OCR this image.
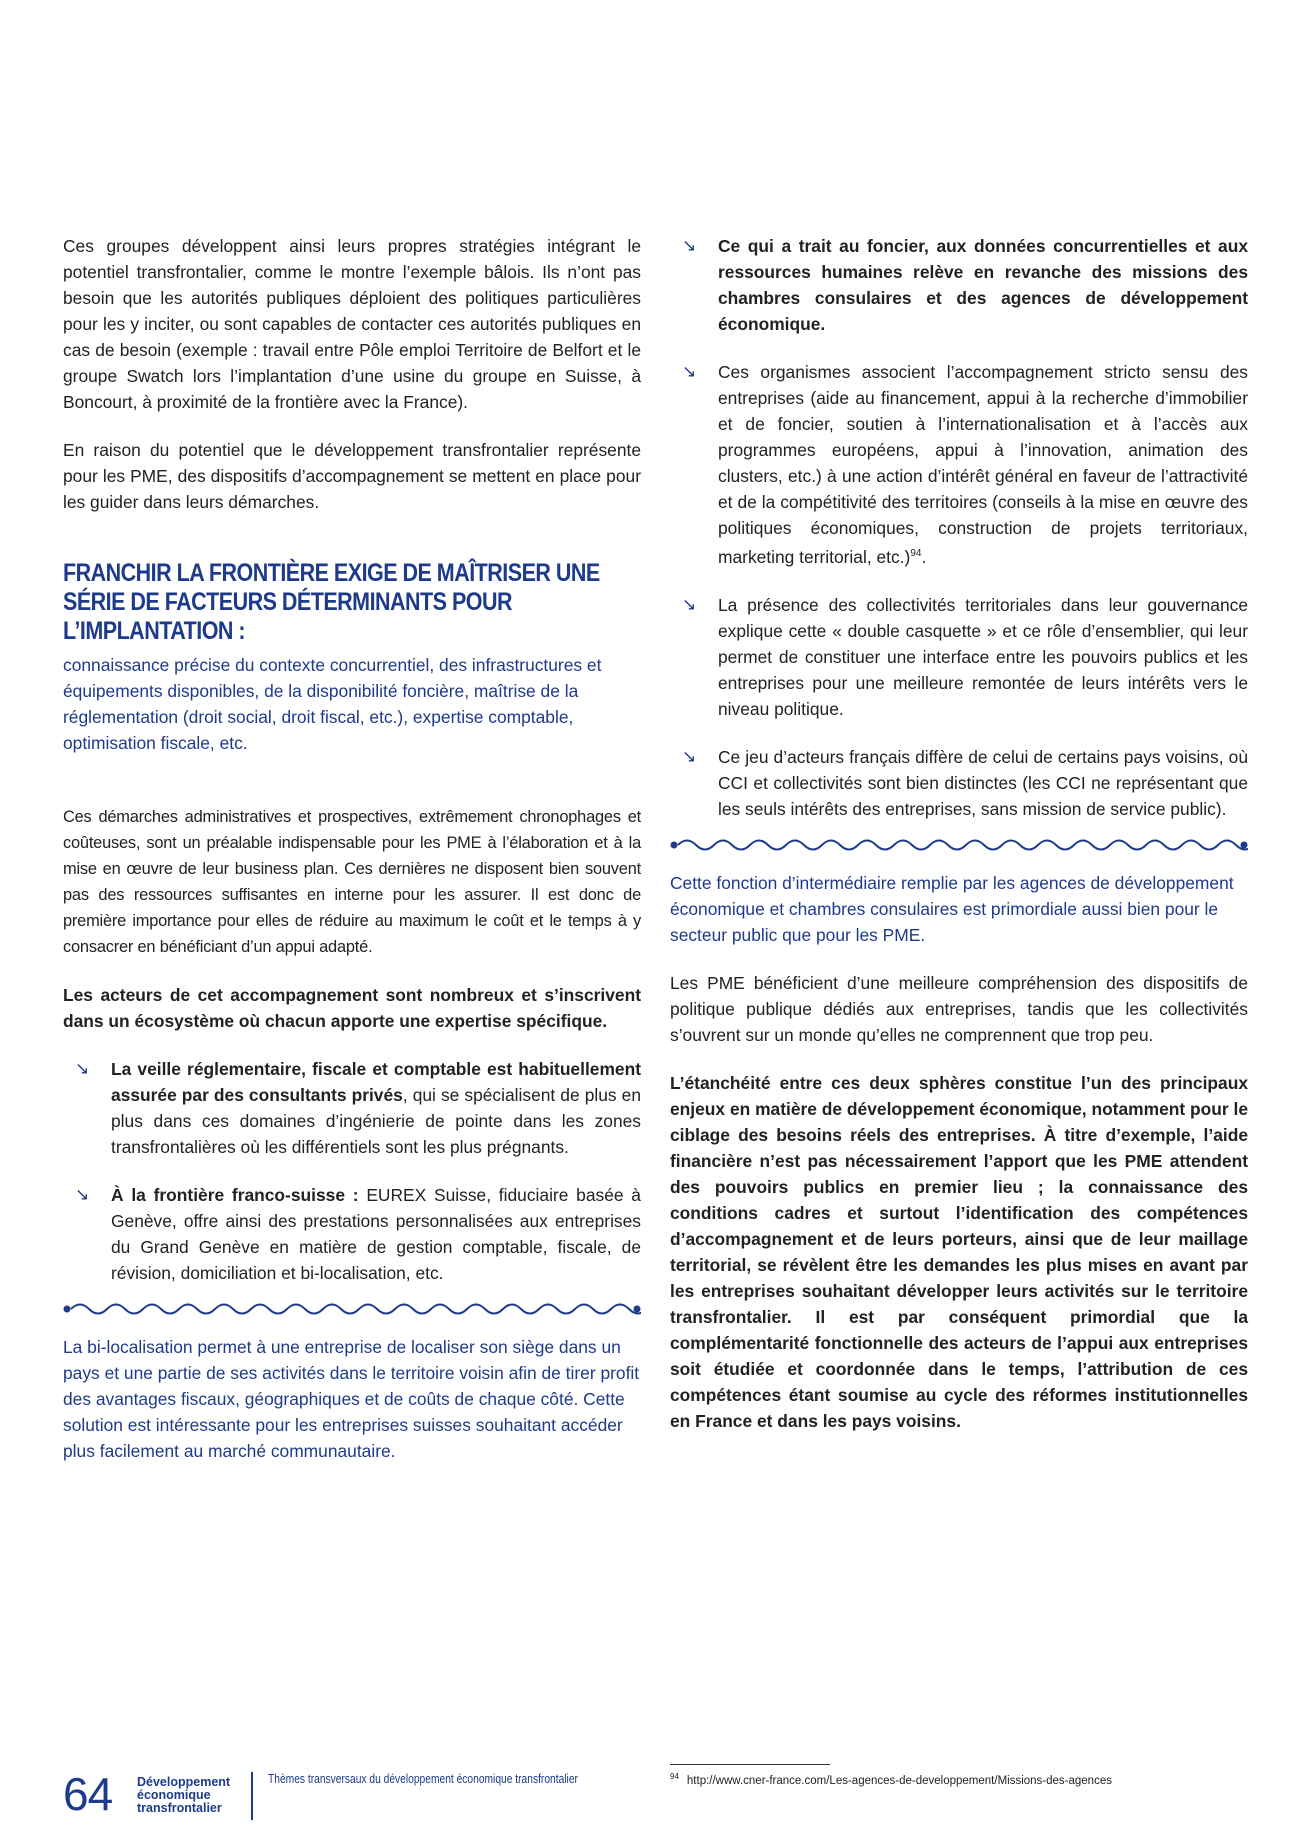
Ces groupes développent ainsi leurs propres stratégies intégrant le potentiel transfrontalier, comme le montre l’exemple bâlois. Ils n’ont pas besoin que les autorités publiques déploient des politiques particulières pour les y inciter, ou sont capables de contacter ces autorités publiques en cas de besoin (exemple : travail entre Pôle emploi Territoire de Belfort et le groupe Swatch lors l’implantation d’une usine du groupe en Suisse, à Boncourt, à proximité de la frontière avec la France).

En raison du potentiel que le développement transfrontalier représente pour les PME, des dispositifs d’accompagnement se mettent en place pour les guider dans leurs démarches.

FRANCHIR LA FRONTIÈRE EXIGE DE MAÎTRISER UNE SÉRIE DE FACTEURS DÉTERMINANTS POUR L’IMPLANTATION :

connaissance précise du contexte concurrentiel, des infrastructures et équipements disponibles, de la disponibilité foncière, maîtrise de la réglementation (droit social, droit fiscal, etc.), expertise comptable, optimisation fiscale, etc.

Ces démarches administratives et prospectives, extrêmement chronophages et coûteuses, sont un préalable indispensable pour les PME à l’élaboration et à la mise en œuvre de leur business plan. Ces dernières ne disposent bien souvent pas des ressources suffisantes en interne pour les assurer. Il est donc de première importance pour elles de réduire au maximum le coût et le temps à y consacrer en bénéficiant d’un appui adapté.

Les acteurs de cet accompagnement sont nombreux et s’inscrivent dans un écosystème où chacun apporte une expertise spécifique.

↘ La veille réglementaire, fiscale et comptable est habituellement assurée par des consultants privés, qui se spécialisent de plus en plus dans ces domaines d’ingénierie de pointe dans les zones transfrontalières où les différentiels sont les plus prégnants.

↘ À la frontière franco-suisse : EUREX Suisse, fiduciaire basée à Genève, offre ainsi des prestations personnalisées aux entreprises du Grand Genève en matière de gestion comptable, fiscale, de révision, domiciliation et bi-localisation, etc.

La bi-localisation permet à une entreprise de localiser son siège dans un pays et une partie de ses activités dans le territoire voisin afin de tirer profit des avantages fiscaux, géographiques et de coûts de chaque côté. Cette solution est intéressante pour les entreprises suisses souhaitant accéder plus facilement au marché communautaire.

↘ Ce qui a trait au foncier, aux données concurrentielles et aux ressources humaines relève en revanche des missions des chambres consulaires et des agences de développement économique.

↘ Ces organismes associent l’accompagnement stricto sensu des entreprises (aide au financement, appui à la recherche d’immobilier et de foncier, soutien à l’internationalisation et à l’accès aux programmes européens, appui à l’innovation, animation des clusters, etc.) à une action d’intérêt général en faveur de l’attractivité et de la compétitivité des territoires (conseils à la mise en œuvre des politiques économiques, construction de projets territoriaux, marketing territorial, etc.)$^{94}$.

↘ La présence des collectivités territoriales dans leur gouvernance explique cette « double casquette » et ce rôle d’ensemblier, qui leur permet de constituer une interface entre les pouvoirs publics et les entreprises pour une meilleure remontée de leurs intérêts vers le niveau politique.

↘ Ce jeu d’acteurs français diffère de celui de certains pays voisins, où CCI et collectivités sont bien distinctes (les CCI ne représentant que les seuls intérêts des entreprises, sans mission de service public).

Cette fonction d’intermédiaire remplie par les agences de développement économique et chambres consulaires est primordiale aussi bien pour le secteur public que pour les PME.

Les PME bénéficient d’une meilleure compréhension des dispositifs de politique publique dédiés aux entreprises, tandis que les collectivités s’ouvrent sur un monde qu’elles ne comprennent que trop peu.

L’étanchéité entre ces deux sphères constitue l’un des principaux enjeux en matière de développement économique, notamment pour le ciblage des besoins réels des entreprises. À titre d’exemple, l’aide financière n’est pas nécessairement l’apport que les PME attendent des pouvoirs publics en premier lieu ; la connaissance des conditions cadres et surtout l’identification des compétences d’accompagnement et de leurs porteurs, ainsi que de leur maillage territorial, se révèlent être les demandes les plus mises en avant par les entreprises souhaitant développer leurs activités sur le territoire transfrontalier. Il est par conséquent primordial que la complémentarité fonctionnelle des acteurs de l’appui aux entreprises soit étudiée et coordonnée dans le temps, l’attribution de ces compétences étant soumise au cycle des réformes institutionnelles en France et dans les pays voisins.

$^{94}$ http://www.cner-france.com/Les-agences-de-developpement/Missions-des-agences
64 Développement
économique
transfrontalier
Thèmes transversaux du développement économique transfrontalier
